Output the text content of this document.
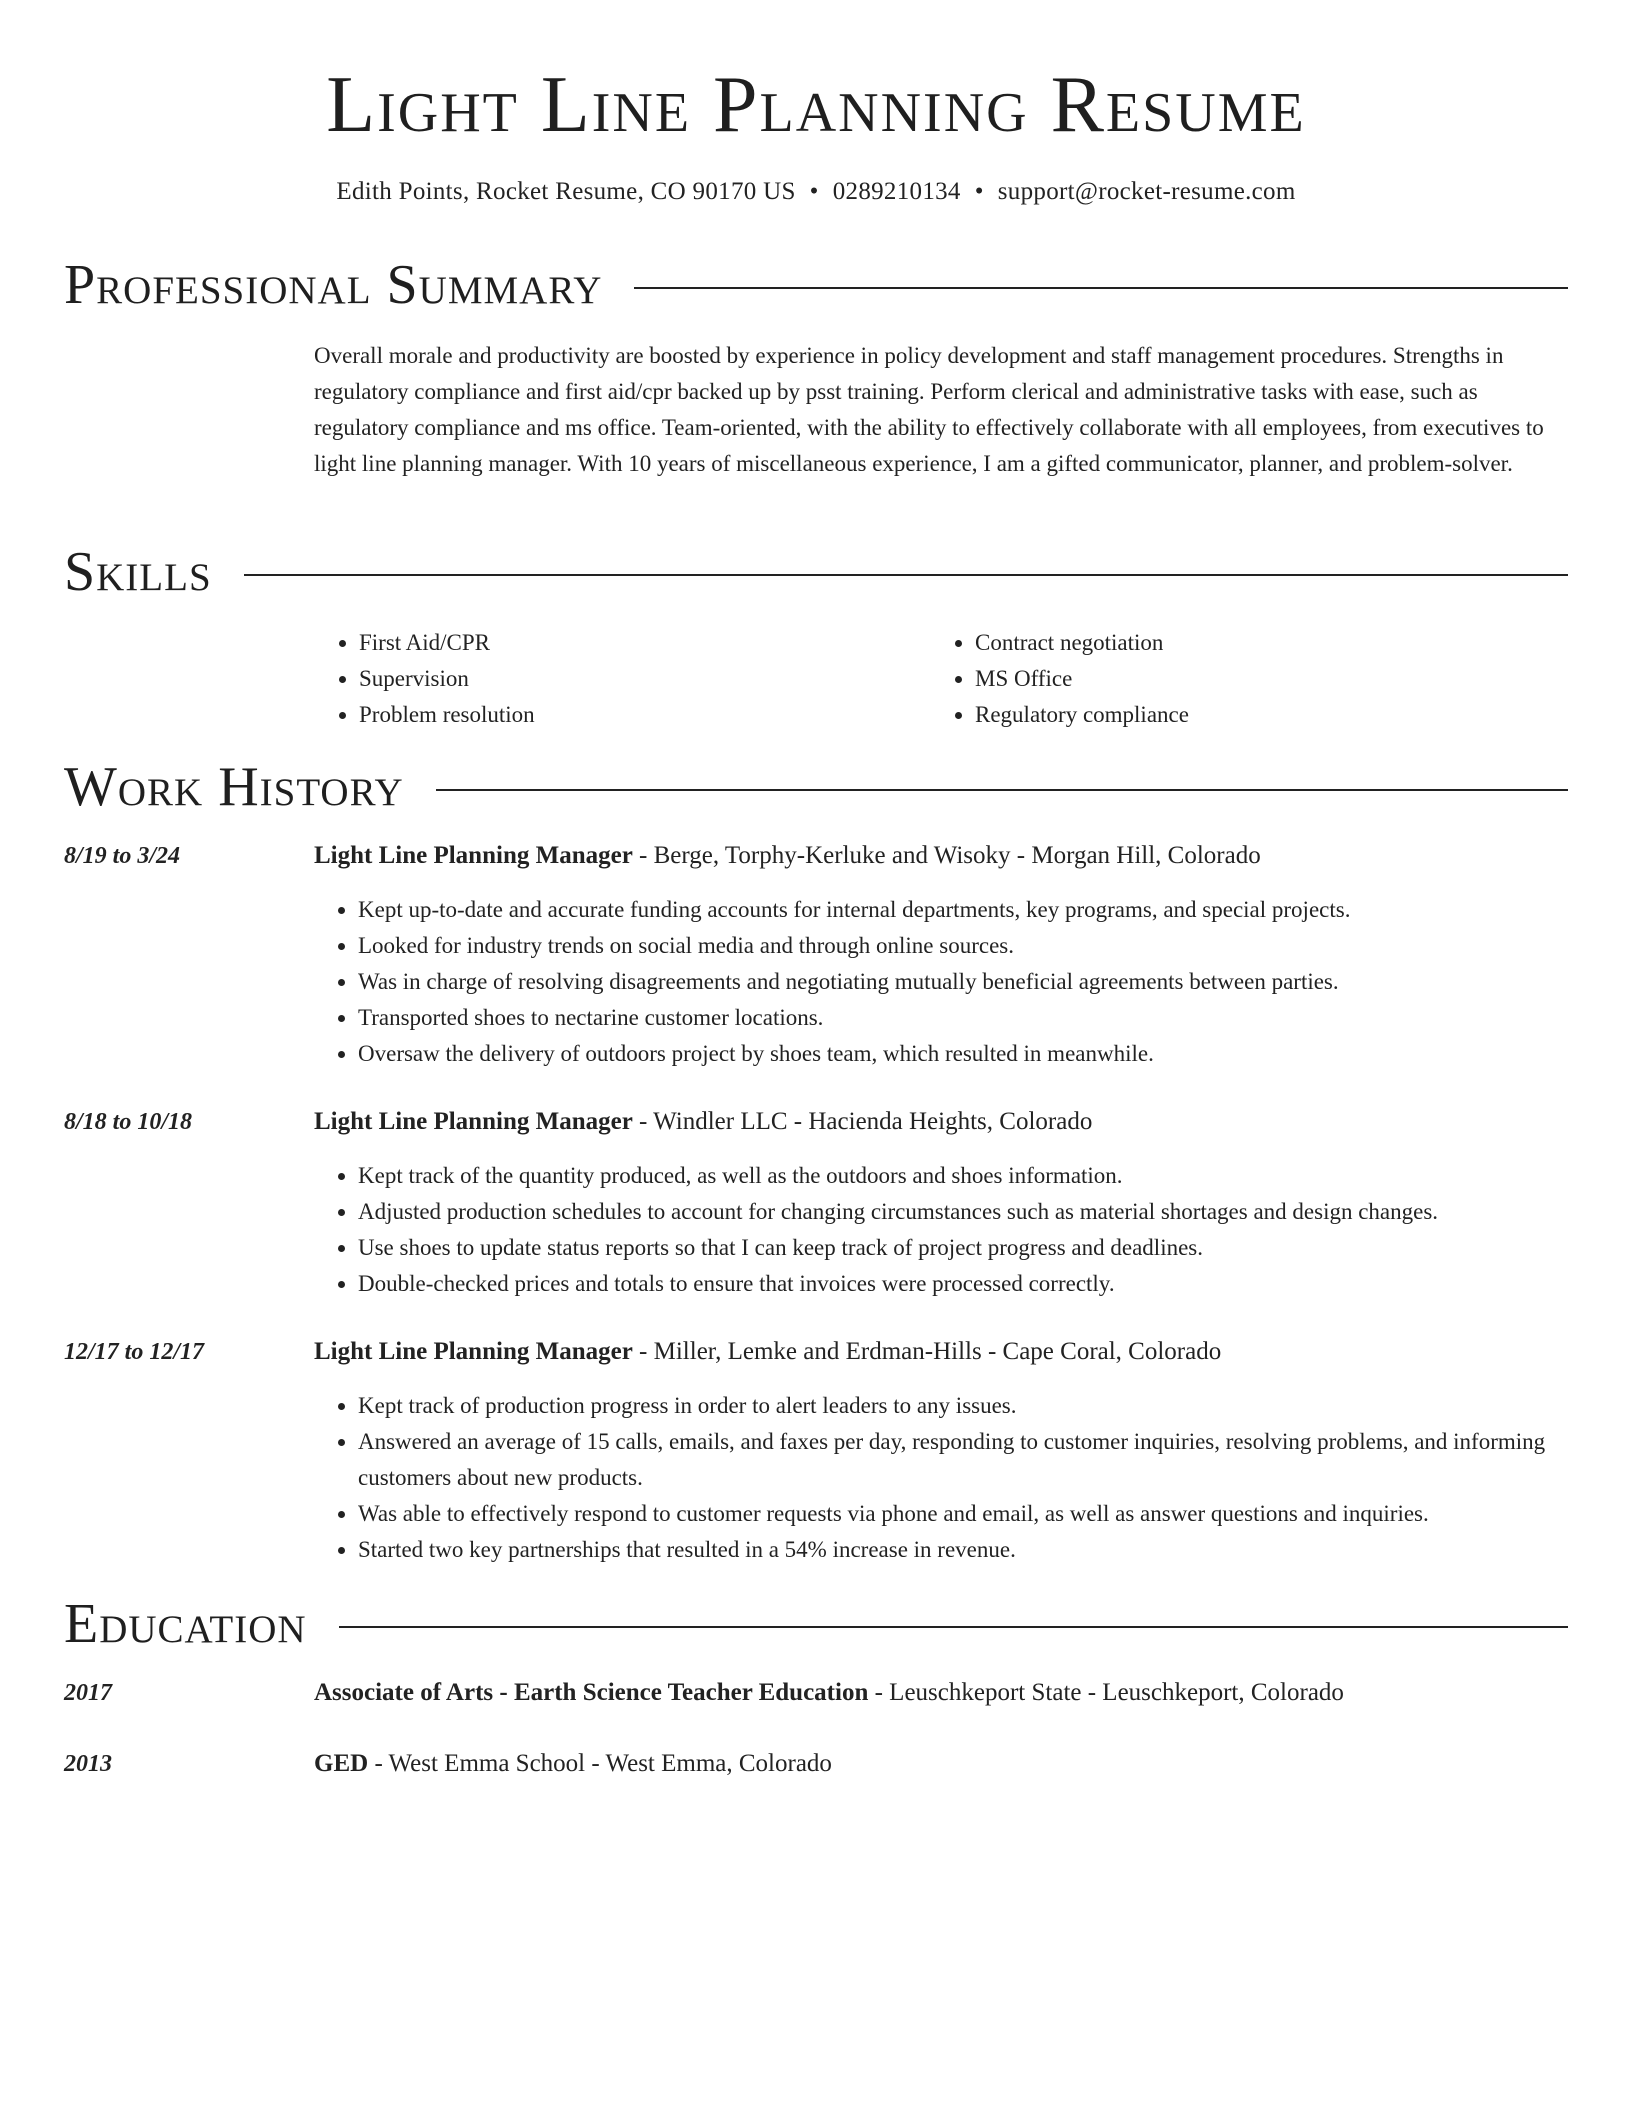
Light Line Planning Resume

Edith Points, Rocket Resume, CO 90170 US • 0289210134 • support@rocket-resume.com

Professional Summary
Overall morale and productivity are boosted by experience in policy development and staff management procedures. Strengths in regulatory compliance and first aid/cpr backed up by psst training. Perform clerical and administrative tasks with ease, such as regulatory compliance and ms office. Team-oriented, with the ability to effectively collaborate with all employees, from executives to light line planning manager. With 10 years of miscellaneous experience, I am a gifted communicator, planner, and problem-solver.
Skills
• First Aid/CPR
• Supervision
• Problem resolution
• Contract negotiation
• MS Office
• Regulatory compliance
Work History
8/19 to 3/24	Light Line Planning Manager - Berge, Torphy-Kerluke and Wisoky - Morgan Hill, Colorado
• Kept up-to-date and accurate funding accounts for internal departments, key programs, and special projects.
• Looked for industry trends on social media and through online sources.
• Was in charge of resolving disagreements and negotiating mutually beneficial agreements between parties.
• Transported shoes to nectarine customer locations.
• Oversaw the delivery of outdoors project by shoes team, which resulted in meanwhile.
8/18 to 10/18	Light Line Planning Manager - Windler LLC - Hacienda Heights, Colorado
• Kept track of the quantity produced, as well as the outdoors and shoes information.
• Adjusted production schedules to account for changing circumstances such as material shortages and design changes.
• Use shoes to update status reports so that I can keep track of project progress and deadlines.
• Double-checked prices and totals to ensure that invoices were processed correctly.
12/17 to 12/17	Light Line Planning Manager - Miller, Lemke and Erdman-Hills - Cape Coral, Colorado
• Kept track of production progress in order to alert leaders to any issues.
• Answered an average of 15 calls, emails, and faxes per day, responding to customer inquiries, resolving problems, and informing customers about new products.
• Was able to effectively respond to customer requests via phone and email, as well as answer questions and inquiries.
• Started two key partnerships that resulted in a 54% increase in revenue.
Education
2017	Associate of Arts - Earth Science Teacher Education - Leuschkeport State - Leuschkeport, Colorado
2013	GED - West Emma School - West Emma, Colorado
